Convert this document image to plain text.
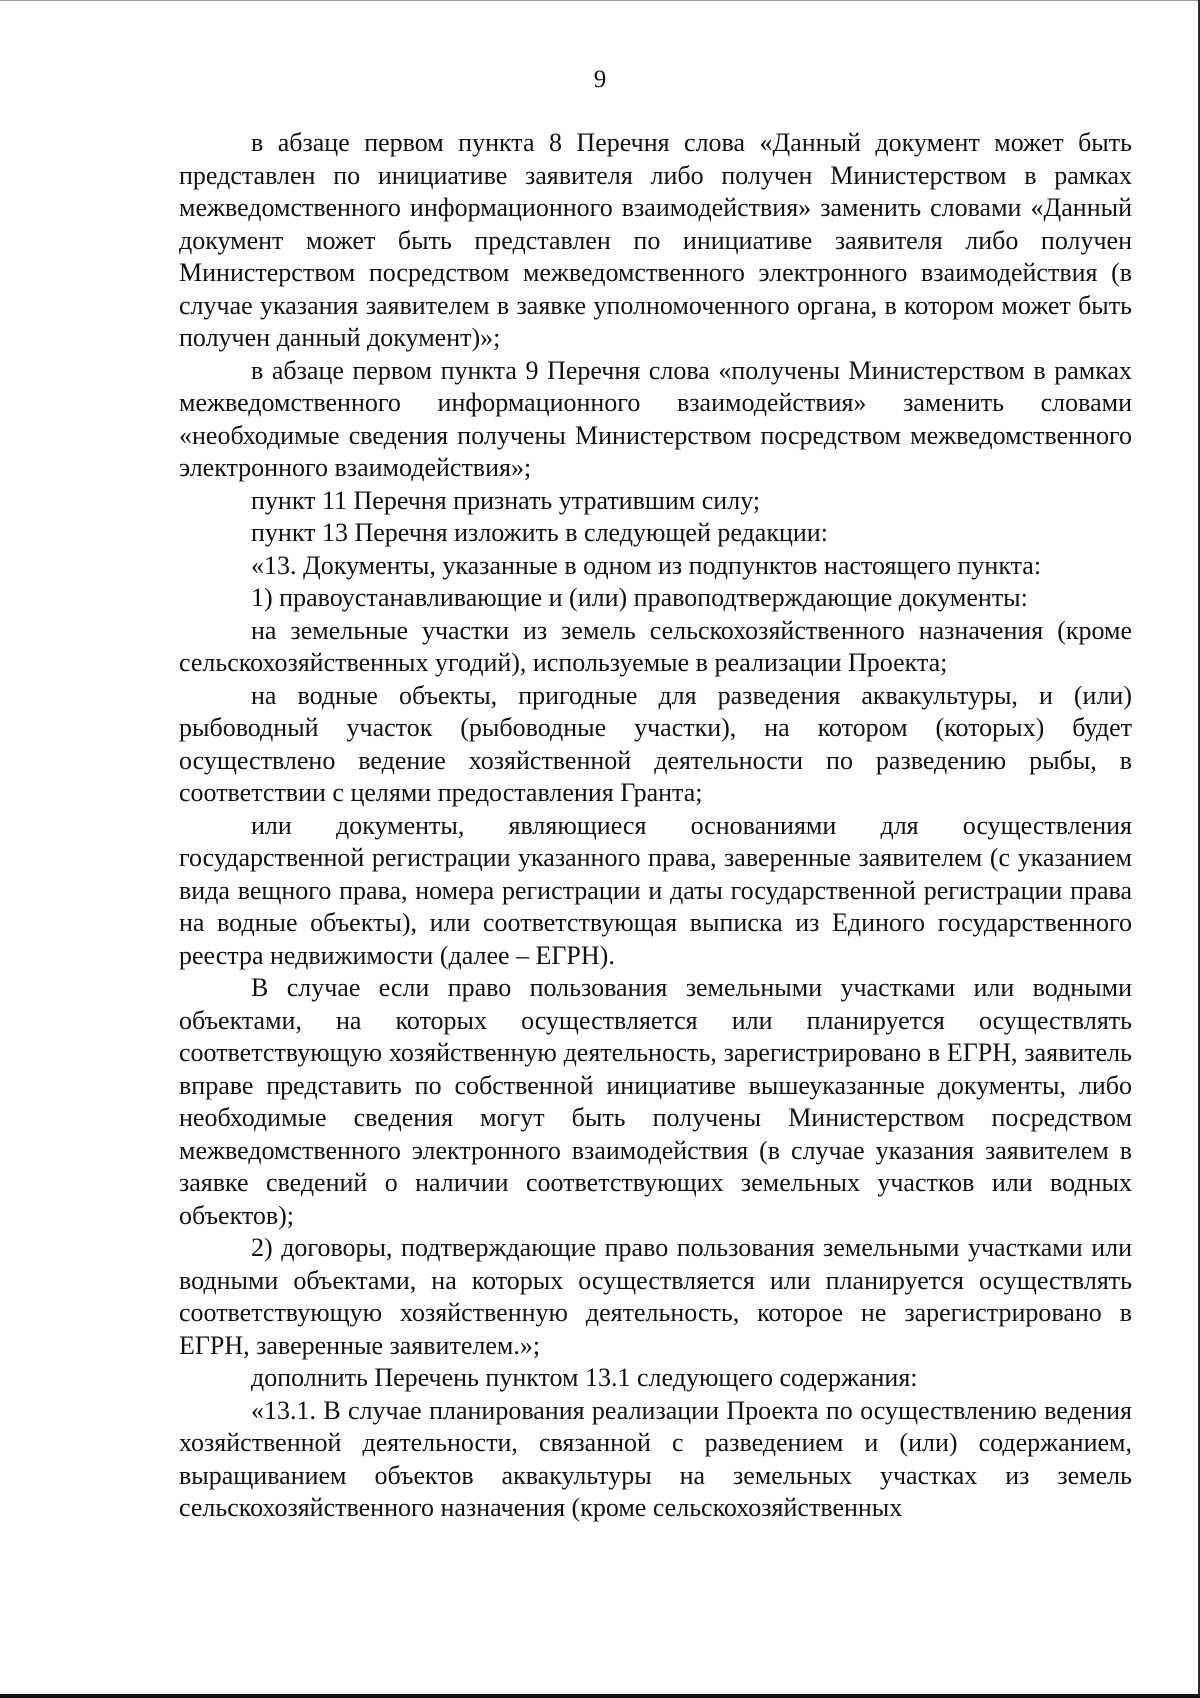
9

в абзаце первом пункта 8 Перечня слова «Данный документ может быть представлен по инициативе заявителя либо получен Министерством в рамках межведомственного информационного взаимодействия» заменить словами «Данный документ может быть представлен по инициативе заявителя либо получен Министерством посредством межведомственного электронного взаимодействия (в случае указания заявителем в заявке уполномоченного органа, в котором может быть получен данный документ)»;

в абзаце первом пункта 9 Перечня слова «получены Министерством в рамках межведомственного информационного взаимодействия» заменить словами «необходимые сведения получены Министерством посредством межведомственного электронного взаимодействия»;

пункт 11 Перечня признать утратившим силу;

пункт 13 Перечня изложить в следующей редакции:

«13. Документы, указанные в одном из подпунктов настоящего пункта:

1) правоустанавливающие и (или) правоподтверждающие документы:

на земельные участки из земель сельскохозяйственного назначения (кроме сельскохозяйственных угодий), используемые в реализации Проекта;

на водные объекты, пригодные для разведения аквакультуры, и (или) рыбоводный участок (рыбоводные участки), на котором (которых) будет осуществлено ведение хозяйственной деятельности по разведению рыбы, в соответствии с целями предоставления Гранта;

или документы, являющиеся основаниями для осуществления государственной регистрации указанного права, заверенные заявителем (с указанием вида вещного права, номера регистрации и даты государственной регистрации права на водные объекты), или соответствующая выписка из Единого государственного реестра недвижимости (далее – ЕГРН).

В случае если право пользования земельными участками или водными объектами, на которых осуществляется или планируется осуществлять соответствующую хозяйственную деятельность, зарегистрировано в ЕГРН, заявитель вправе представить по собственной инициативе вышеуказанные документы, либо необходимые сведения могут быть получены Министерством посредством межведомственного электронного взаимодействия (в случае указания заявителем в заявке сведений о наличии соответствующих земельных участков или водных объектов);

2) договоры, подтверждающие право пользования земельными участками или водными объектами, на которых осуществляется или планируется осуществлять соответствующую хозяйственную деятельность, которое не зарегистрировано в ЕГРН, заверенные заявителем.»;

дополнить Перечень пунктом 13.1 следующего содержания:

«13.1. В случае планирования реализации Проекта по осуществлению ведения хозяйственной деятельности, связанной с разведением и (или) содержанием, выращиванием объектов аквакультуры на земельных участках из земель сельскохозяйственного назначения (кроме сельскохозяйственных
